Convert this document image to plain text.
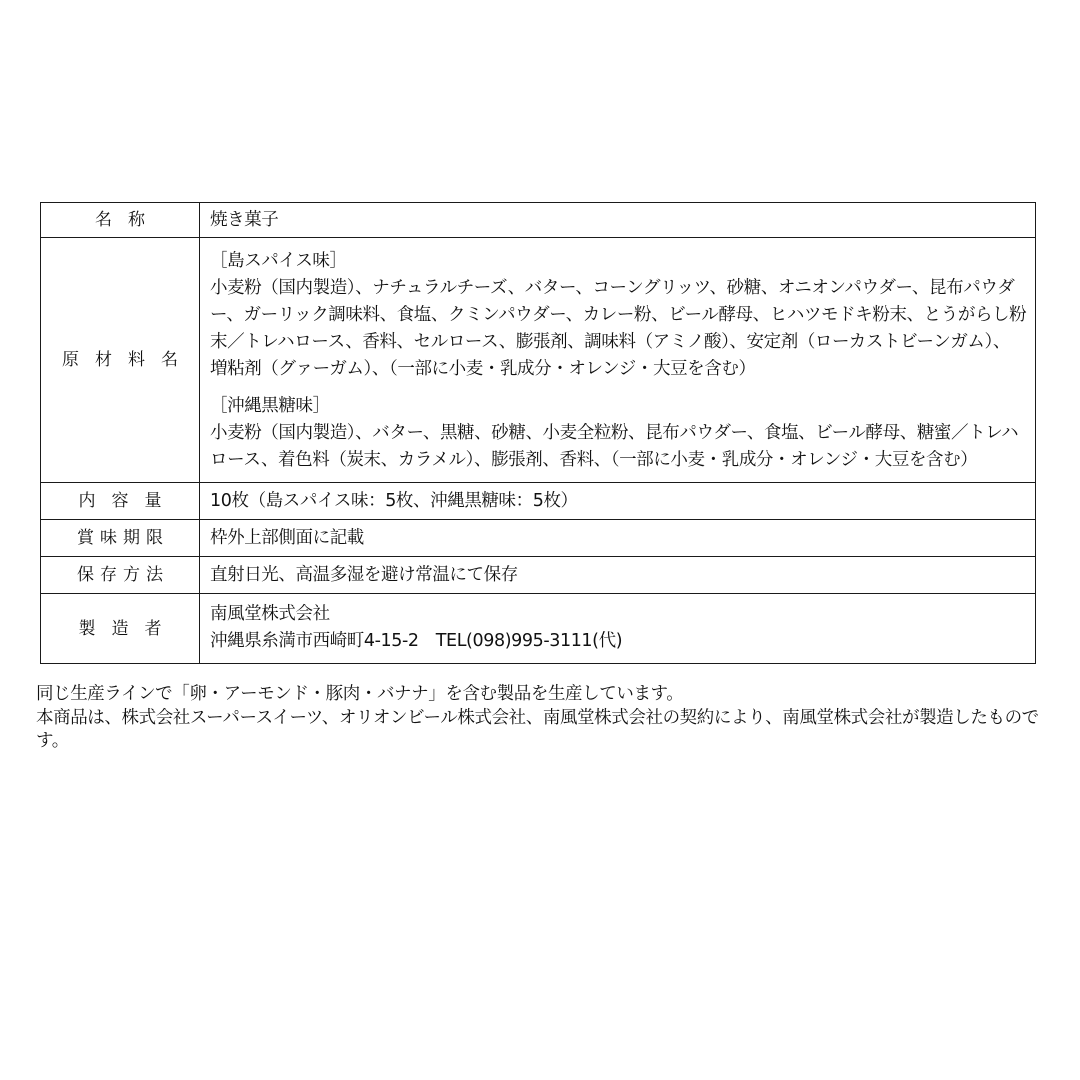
名称	焼き菓子
原材料名	［島スパイス味］
小麦粉（国内製造）、ナチュラルチーズ、バター、コーングリッツ、砂糖、オニオンパウダー、昆布パウダー、ガーリック調味料、食塩、クミンパウダー、カレー粉、ビール酵母、ヒハツモドキ粉末、とうがらし粉末／トレハロース、香料、セルロース、膨張剤、調味料（アミノ酸）、安定剤（ローカストビーンガム）、増粘剤（グァーガム）、（一部に小麦・乳成分・オレンジ・大豆を含む）
［沖縄黒糖味］
小麦粉（国内製造）、バター、黒糖、砂糖、小麦全粒粉、昆布パウダー、食塩、ビール酵母、糖蜜／トレハロース、着色料（炭末、カラメル）、膨張剤、香料、（一部に小麦・乳成分・オレンジ・大豆を含む）

内容量	10枚（島スパイス味：5枚、沖縄黒糖味：5枚）
賞味期限	枠外上部側面に記載
保存方法	直射日光、高温多湿を避け常温にて保存
製造者	南風堂株式会社
沖縄県糸満市西崎町4-15-2　TEL(098)995-3111(代)

同じ生産ラインで「卵・アーモンド・豚肉・バナナ」を含む製品を生産しています。

本商品は、株式会社スーパースイーツ、オリオンビール株式会社、南風堂株式会社の契約により、南風堂株式会社が製造したものです。
